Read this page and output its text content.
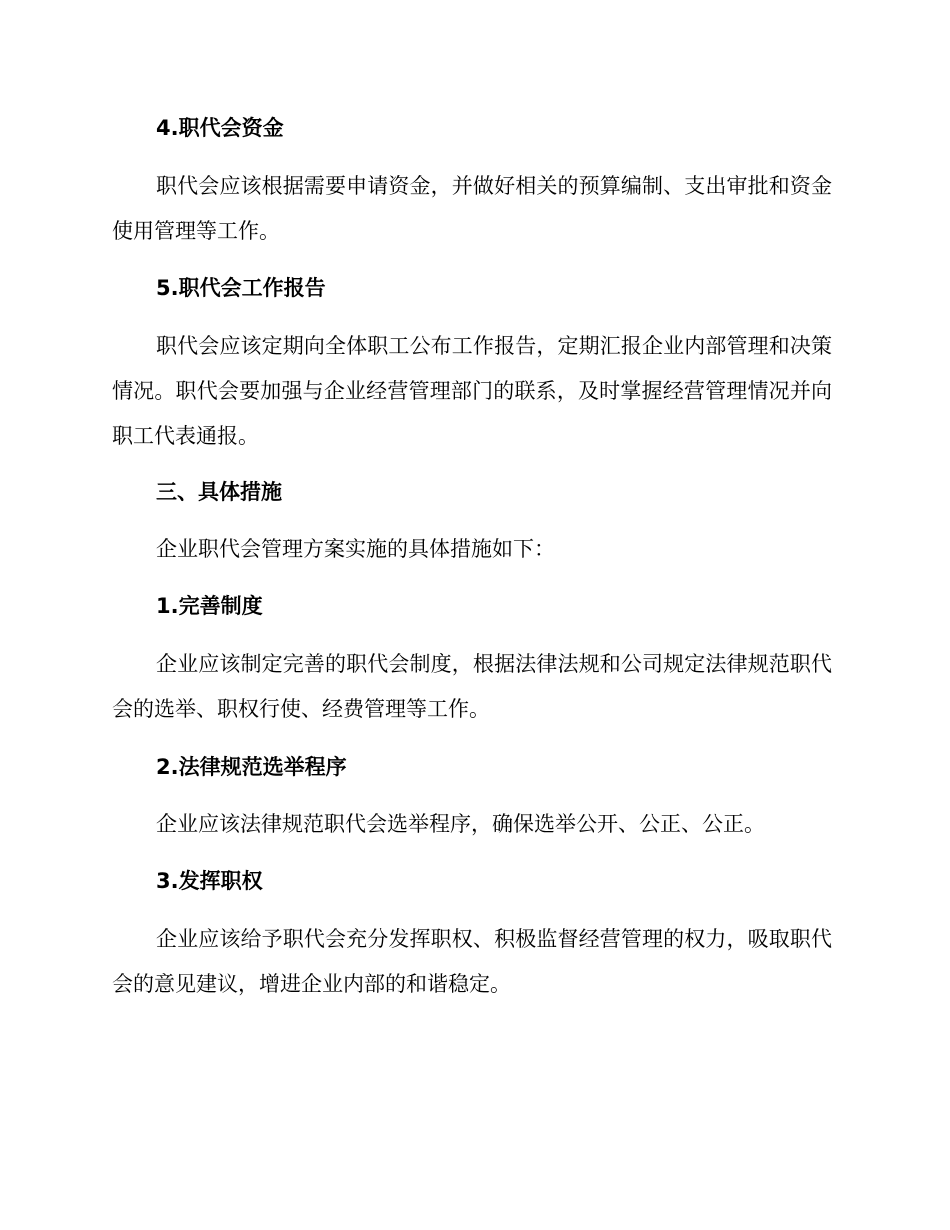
4.职代会资金

职代会应该根据需要申请资金，并做好相关的预算编制、支出审批和资金使用管理等工作。

5.职代会工作报告

职代会应该定期向全体职工公布工作报告，定期汇报企业内部管理和决策情况。职代会要加强与企业经营管理部门的联系，及时掌握经营管理情况并向职工代表通报。

三、具体措施

企业职代会管理方案实施的具体措施如下：

1.完善制度

企业应该制定完善的职代会制度，根据法律法规和公司规定法律规范职代会的选举、职权行使、经费管理等工作。

2.法律规范选举程序

企业应该法律规范职代会选举程序，确保选举公开、公正、公正。

3.发挥职权

企业应该给予职代会充分发挥职权、积极监督经营管理的权力，吸取职代会的意见建议，增进企业内部的和谐稳定。
